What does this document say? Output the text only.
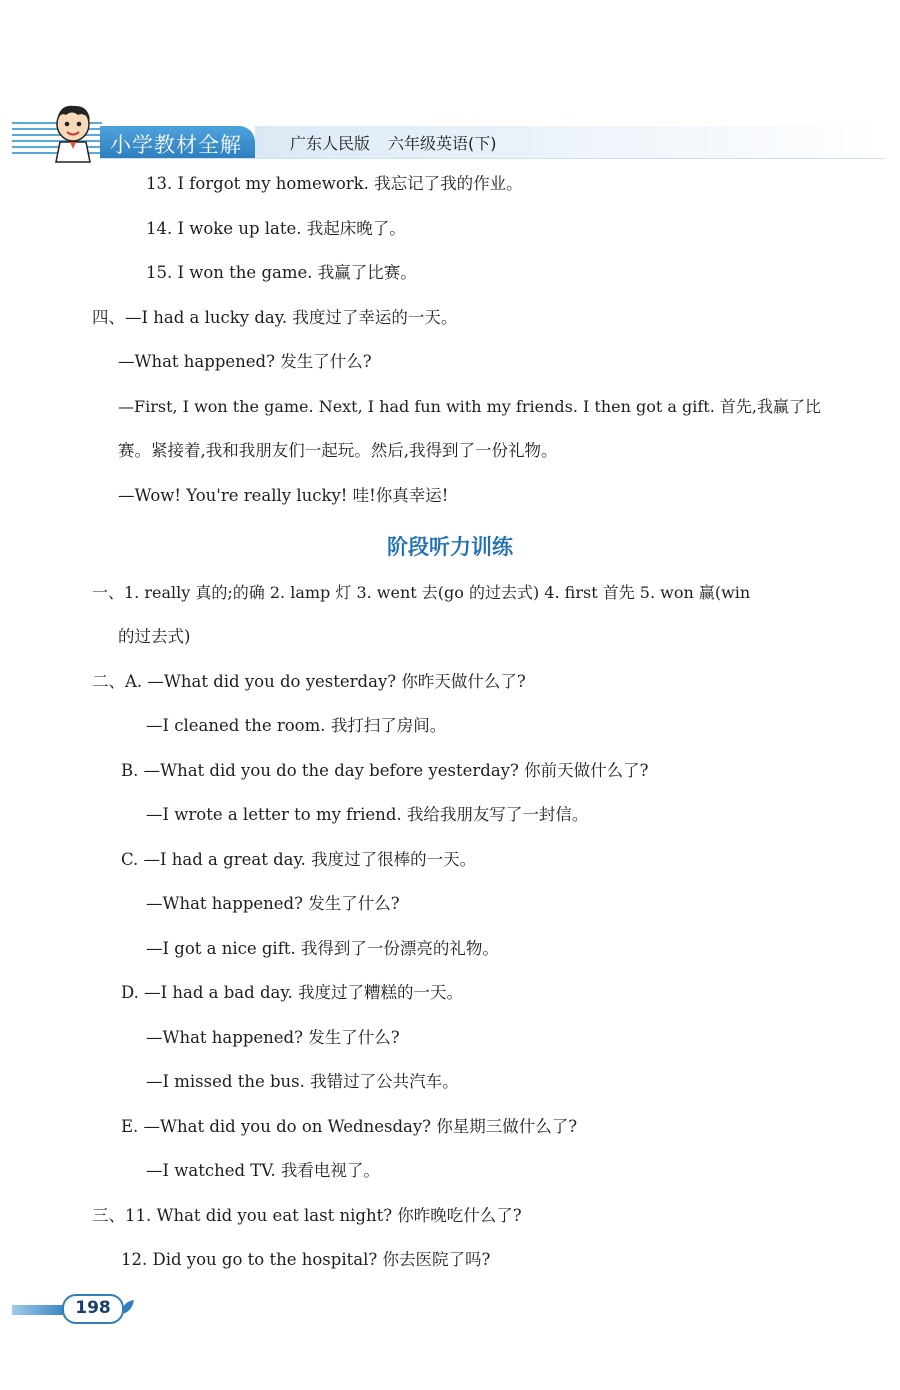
小学教材全解	广东人民版 六年级英语(下)
13. I forgot my homework. 我忘记了我的作业。
14. I woke up late. 我起床晚了。
15. I won the game. 我赢了比赛。
四、—I had a lucky day. 我度过了幸运的一天。
—What happened? 发生了什么?
—First, I won the game. Next, I had fun with my friends. I then got a gift. 首先,我赢了比
赛。紧接着,我和我朋友们一起玩。然后,我得到了一份礼物。
—Wow! You're really lucky! 哇!你真幸运!
阶段听力训练
一、1. really 真的;的确 2. lamp 灯 3. went 去(go 的过去式) 4. first 首先 5. won 赢(win
的过去式)
二、A. —What did you do yesterday? 你昨天做什么了?
—I cleaned the room. 我打扫了房间。
B. —What did you do the day before yesterday? 你前天做什么了?
—I wrote a letter to my friend. 我给我朋友写了一封信。
C. —I had a great day. 我度过了很棒的一天。
—What happened? 发生了什么?
—I got a nice gift. 我得到了一份漂亮的礼物。
D. —I had a bad day. 我度过了糟糕的一天。
—What happened? 发生了什么?
—I missed the bus. 我错过了公共汽车。
E. —What did you do on Wednesday? 你星期三做什么了?
—I watched TV. 我看电视了。
三、11. What did you eat last night? 你昨晚吃什么了?
12. Did you go to the hospital? 你去医院了吗?
198
